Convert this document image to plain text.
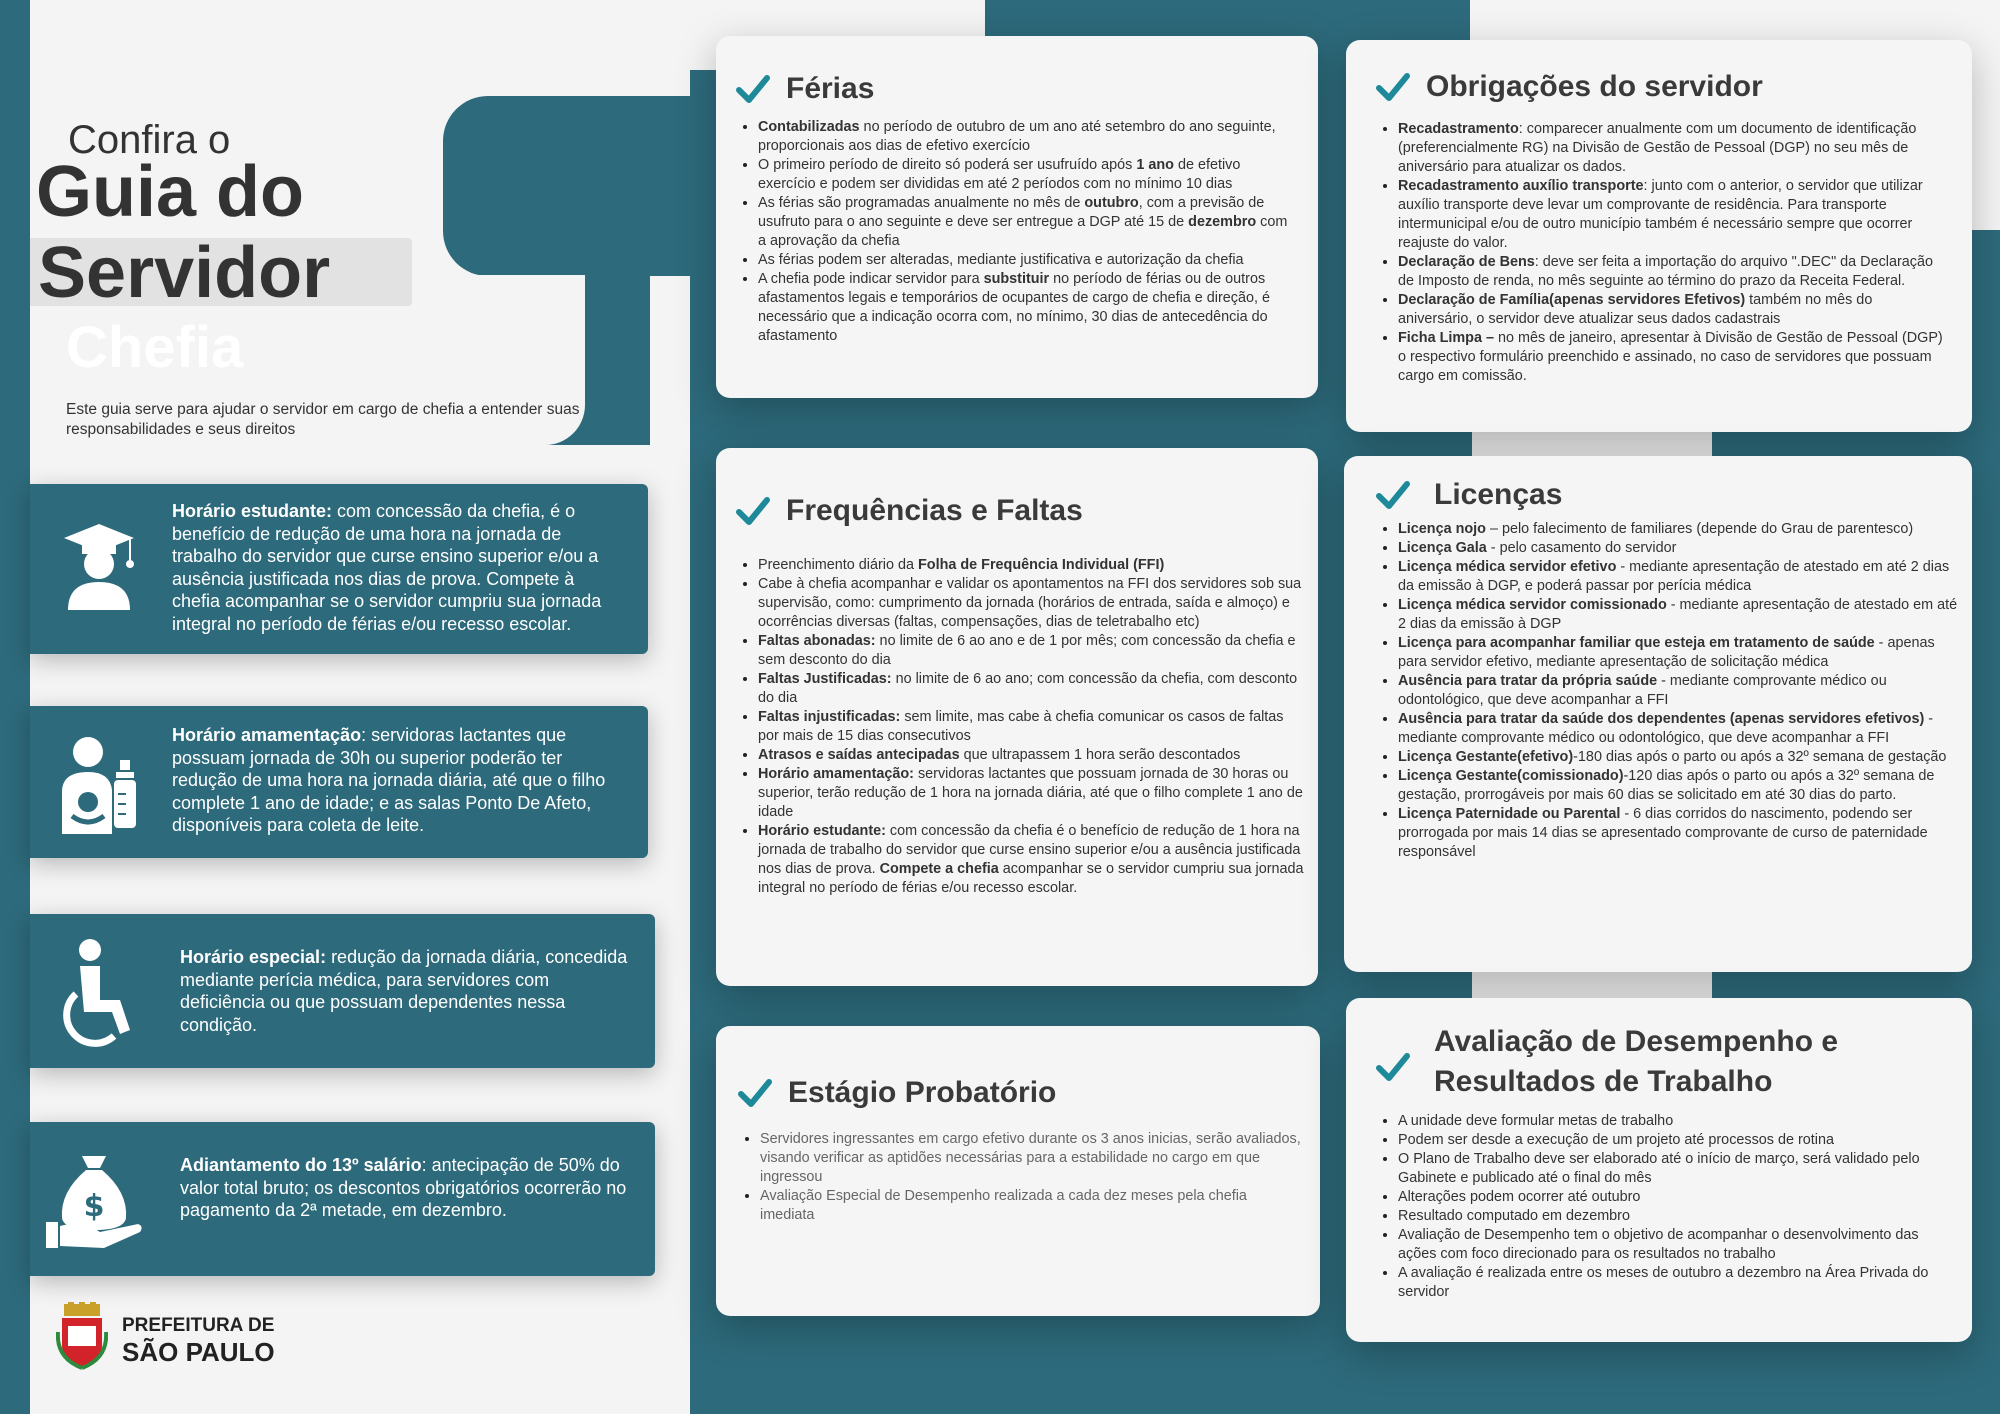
Confira o
Guia do
Servidor
Chefia
Este guia serve para ajudar o servidor em cargo de chefia a entender suas responsabilidades e seus direitos

Horário estudante: com concessão da chefia, é o benefício de redução de uma hora na jornada de trabalho do servidor que curse ensino superior e/ou a ausência justificada nos dias de prova. Compete à chefia acompanhar se o servidor cumpriu sua jornada integral no período de férias e/ou recesso escolar.

Horário amamentação: servidoras lactantes que possuam jornada de 30h ou superior poderão ter redução de uma hora na jornada diária, até que o filho complete 1 ano de idade; e as salas Ponto De Afeto, disponíveis para coleta de leite.

Horário especial: redução da jornada diária, concedida mediante perícia médica, para servidores com deficiência ou que possuam dependentes nessa condição.

$

Adiantamento do 13º salário: antecipação de 50% do valor total bruto; os descontos obrigatórios ocorrerão no pagamento da 2ª metade, em dezembro.

PREFEITURA DE
SÃO PAULO
Férias
• Contabilizadas no período de outubro de um ano até setembro do ano seguinte, proporcionais aos dias de efetivo exercício
• O primeiro período de direito só poderá ser usufruído após 1 ano de efetivo exercício e podem ser divididas em até 2 períodos com no mínimo 10 dias
• As férias são programadas anualmente no mês de outubro, com a previsão de usufruto para o ano seguinte e deve ser entregue a DGP até 15 de dezembro com a aprovação da chefia
• As férias podem ser alteradas, mediante justificativa e autorização da chefia
• A chefia pode indicar servidor para substituir no período de férias ou de outros afastamentos legais e temporários de ocupantes de cargo de chefia e direção, é necessário que a indicação ocorra com, no mínimo, 30 dias de antecedência do afastamento
Frequências e Faltas
• Preenchimento diário da Folha de Frequência Individual (FFI)
• Cabe à chefia acompanhar e validar os apontamentos na FFI dos servidores sob sua supervisão, como: cumprimento da jornada (horários de entrada, saída e almoço) e ocorrências diversas (faltas, compensações, dias de teletrabalho etc)
• Faltas abonadas: no limite de 6 ao ano e de 1 por mês; com concessão da chefia e sem desconto do dia
• Faltas Justificadas: no limite de 6 ao ano; com concessão da chefia, com desconto do dia
• Faltas injustificadas: sem limite, mas cabe à chefia comunicar os casos de faltas por mais de 15 dias consecutivos
• Atrasos e saídas antecipadas que ultrapassem 1 hora serão descontados
• Horário amamentação: servidoras lactantes que possuam jornada de 30 horas ou superior, terão redução de 1 hora na jornada diária, até que o filho complete 1 ano de idade
• Horário estudante: com concessão da chefia é o benefício de redução de 1 hora na jornada de trabalho do servidor que curse ensino superior e/ou a ausência justificada nos dias de prova. Compete a chefia acompanhar se o servidor cumpriu sua jornada integral no período de férias e/ou recesso escolar.
Estágio Probatório
• Servidores ingressantes em cargo efetivo durante os 3 anos inicias, serão avaliados, visando verificar as aptidões necessárias para a estabilidade no cargo em que ingressou
• Avaliação Especial de Desempenho realizada a cada dez meses pela chefia imediata
Obrigações do servidor
• Recadastramento: comparecer anualmente com um documento de identificação (preferencialmente RG) na Divisão de Gestão de Pessoal (DGP) no seu mês de aniversário para atualizar os dados.
• Recadastramento auxílio transporte: junto com o anterior, o servidor que utilizar auxílio transporte deve levar um comprovante de residência. Para transporte intermunicipal e/ou de outro município também é necessário sempre que ocorrer reajuste do valor.
• Declaração de Bens: deve ser feita a importação do arquivo ".DEC" da Declaração de Imposto de renda, no mês seguinte ao término do prazo da Receita Federal.
• Declaração de Família(apenas servidores Efetivos) também no mês do aniversário, o servidor deve atualizar seus dados cadastrais
• Ficha Limpa – no mês de janeiro, apresentar à Divisão de Gestão de Pessoal (DGP) o respectivo formulário preenchido e assinado, no caso de servidores que possuam cargo em comissão.
Licenças
• Licença nojo – pelo falecimento de familiares (depende do Grau de parentesco)
• Licença Gala - pelo casamento do servidor
• Licença médica servidor efetivo - mediante apresentação de atestado em até 2 dias da emissão à DGP, e poderá passar por perícia médica
• Licença médica servidor comissionado - mediante apresentação de atestado em até 2 dias da emissão à DGP
• Licença para acompanhar familiar que esteja em tratamento de saúde - apenas para servidor efetivo, mediante apresentação de solicitação médica
• Ausência para tratar da própria saúde - mediante comprovante médico ou odontológico, que deve acompanhar a FFI
• Ausência para tratar da saúde dos dependentes (apenas servidores efetivos) - mediante comprovante médico ou odontológico, que deve acompanhar a FFI
• Licença Gestante(efetivo)-180 dias após o parto ou após a 32º semana de gestação
• Licença Gestante(comissionado)-120 dias após o parto ou após a 32º semana de gestação, prorrogáveis por mais 60 dias se solicitado em até 30 dias do parto.
• Licença Paternidade ou Parental - 6 dias corridos do nascimento, podendo ser prorrogada por mais 14 dias se apresentado comprovante de curso de paternidade responsável
Avaliação de Desempenho e
Resultados de Trabalho
• A unidade deve formular metas de trabalho
• Podem ser desde a execução de um projeto até processos de rotina
• O Plano de Trabalho deve ser elaborado até o início de março, será validado pelo Gabinete e publicado até o final do mês
• Alterações podem ocorrer até outubro
• Resultado computado em dezembro
• Avaliação de Desempenho tem o objetivo de acompanhar o desenvolvimento das ações com foco direcionado para os resultados no trabalho
• A avaliação é realizada entre os meses de outubro a dezembro na Área Privada do servidor
